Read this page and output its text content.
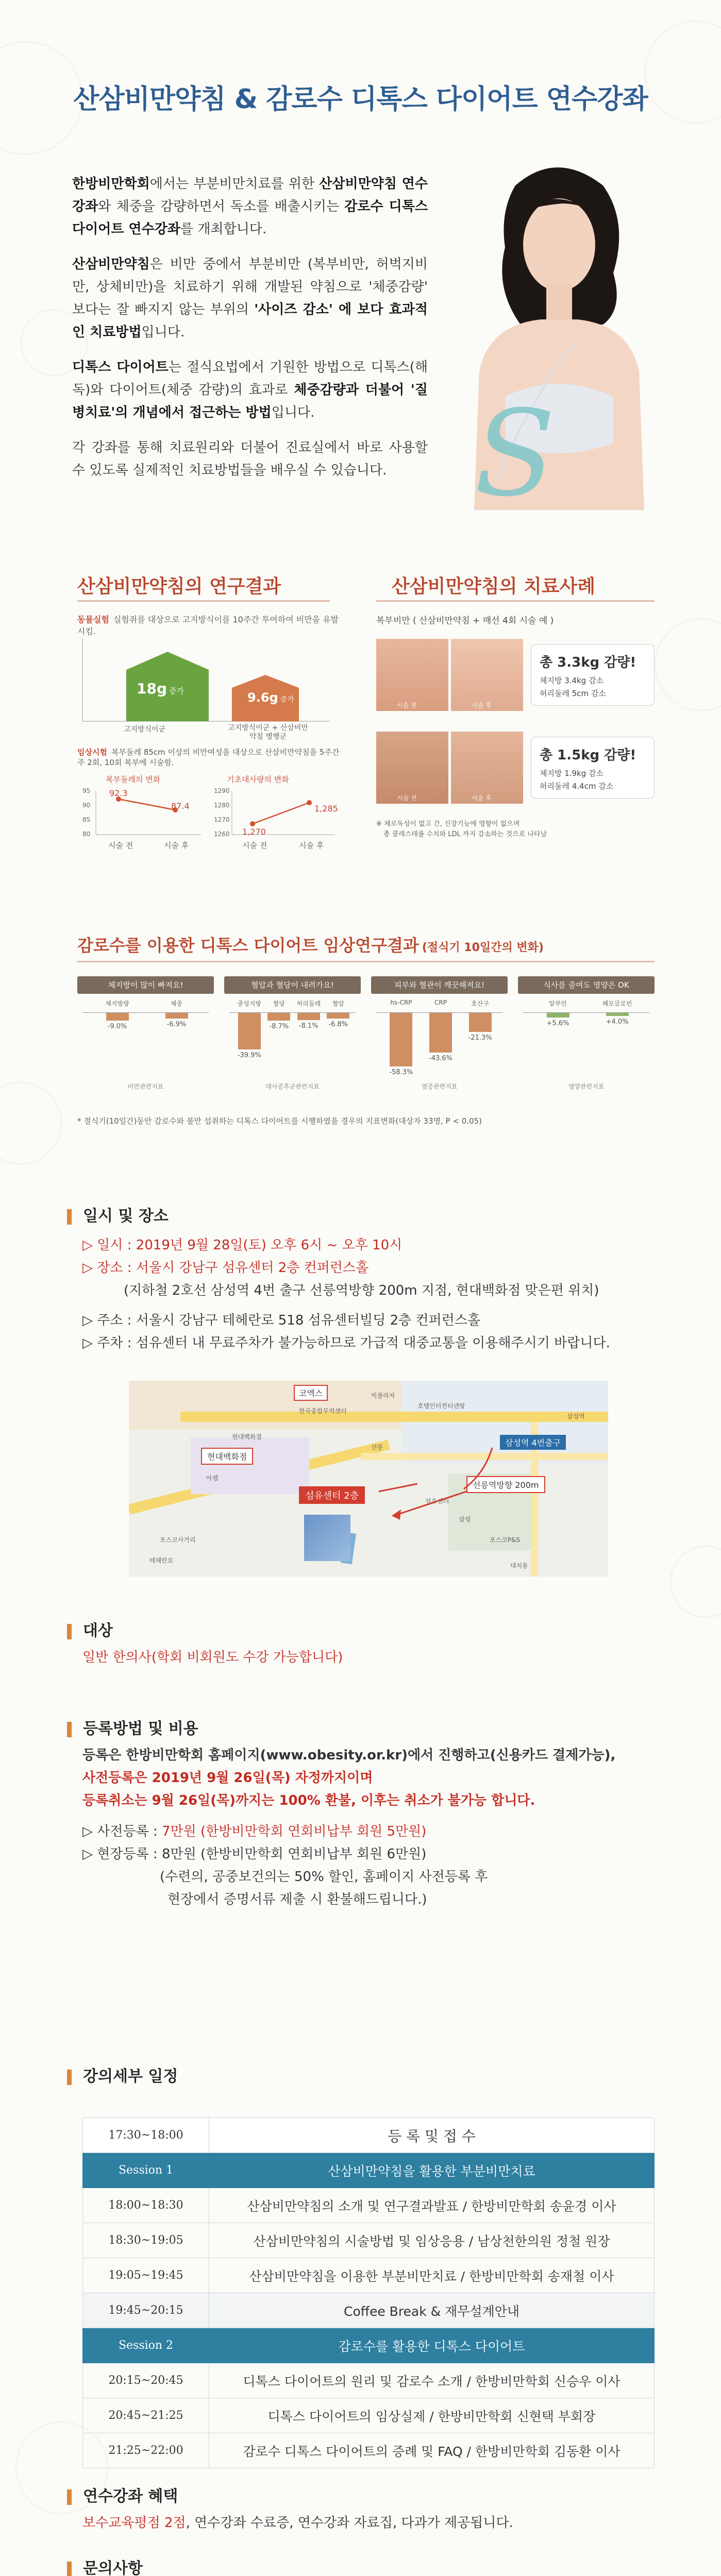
산삼비만약침 & 감로수 디톡스 다이어트 연수강좌

한방비만학회에서는 부분비만치료를 위한 산삼비만약침 연수강좌와 체중을 감량하면서 독소를 배출시키는 감로수 디톡스 다이어트 연수강좌를 개최합니다.

산삼비만약침은 비만 중에서 부분비만 (복부비만, 허벅지비만, 상체비만)을 치료하기 위해 개발된 약침으로 '체중감량' 보다는 잘 빠지지 않는 부위의 '사이즈 감소' 에 보다 효과적인 치료방법입니다.

디톡스 다이어트는 절식요법에서 기원한 방법으로 디톡스(해독)와 다이어트(체중 감량)의 효과로 체중감량과 더불어 '질병치료'의 개념에서 접근하는 방법입니다.

각 강좌를 통해 치료원리와 더불어 진료실에서 바로 사용할 수 있도록 실제적인 치료방법들을 배우실 수 있습니다. S
산삼비만약침의 연구결과
동물실험 실험쥐를 대상으로 고지방식이를 10주간 투여하여 비만을 유발시킴.
18g 증가	9.6g 증가
고지방식이군	고지방식이군 + 산삼비만약침 병행군
임상시험 복부둘레 85cm 이상의 비만여성을 대상으로 산삼비만약침을 5주간 주 2회, 10회 복부에 시술함.
복부둘레의 변화	기초대사량의 변화
95
90
85
80
1290
1280
1270
1260
92.3
87.4
1,270
1,285
시술 전	시술 후	시술 전	시술 후
산삼비만약침의 치료사례
복부비만 ( 산삼비만약침 + 매선 4회 시술 예 )
시술 전	시술 후
총 3.3kg 감량!
체지방 3.4kg 감소
허리둘레 5cm 감소
시술 전	시술 후
총 1.5kg 감량!
체지방 1.9kg 감소
허리둘레 4.4cm 감소
※ 체모독성이 없고 간, 신장기능에 영향이 없으며
총 콜레스테롤 수치와 LDL 까지 감소하는 것으로 나타남
감로수를 이용한 디톡스 다이어트 임상연구결과 (절식기 10일간의 변화)
체지방이 많이 빠져요!
체지방량
-9.0%
체중
-6.9%
비만관련지표
혈압과 혈당이 내려가요!
중성지방
-39.9%
혈당
-8.7%
허리둘레
-8.1%
혈압
-6.8%
대사증후군관련지표
피부와 혈관이 깨끗해져요!
hs-CRP
-58.3%
CRP
-43.6%
호산구
-21.3%
염증관련지표
식사를 줄여도 영양은 OK
알부민
+5.6%
혜모글로빈
+4.0%
영양관련지표
* 절식기(10일간)동안 감로수와 불만 섭취하는 디톡스 다이어트를 시행하였을 경우의 지표변화(대상자 33명, P < 0.05)
일시 및 장소
▷ 일시 : 2019년 9월 28일(토) 오후 6시 ~ 오후 10시
▷ 장소 : 서울시 강남구 섬유센터 2층 컨퍼런스홀
(지하철 2호선 삼성역 4번 출구 선릉역방향 200m 지점, 현대백화점 맞은편 위치)
▷ 주소 : 서울시 강남구 테헤란로 518 섬유센터빌딩 2층 컨퍼런스홀
▷ 주차 : 섬유센터 내 무료주차가 불가능하므로 가급적 대중교통을 이용해주시기 바랍니다.
빅플라자
한국종합무역센터
호텔인터컨티넨탈
현대백화점
아셈
섬유센터
선릉
삼성역
삼성
포스코사거리	포스코P&S
대치동
테헤란로
코엑스
현대백화점
삼성역 4번출구
선릉역방향 200m
섬유센터 2층
대상
일반 한의사(학회 비회원도 수강 가능합니다)
등록방법 및 비용
등록은 한방비만학회 홈페이지(www.obesity.or.kr)에서 진행하고(신용카드 결제가능),
사전등록은 2019년 9월 26일(목) 자정까지이며
등록취소는 9월 26일(목)까지는 100% 환불, 이후는 취소가 불가능 합니다.
▷ 사전등록 : 7만원 (한방비만학회 연회비납부 회원 5만원)
▷ 현장등록 : 8만원 (한방비만학회 연회비납부 회원 6만원)
(수련의, 공중보건의는 50% 할인, 홈페이지 사전등록 후
현장에서 증명서류 제출 시 환불해드립니다.)
강의세부 일정
17:30~18:00	등 록 및 접 수
Session 1	산삼비만약침을 활용한 부분비만치료
18:00~18:30	산삼비만약침의 소개 및 연구결과발표 / 한방비만학회 송윤경 이사
18:30~19:05	산삼비만약침의 시술방법 및 임상응용 / 남상천한의원 정철 원장
19:05~19:45	산삼비만약침을 이용한 부분비만치료 / 한방비만학회 송재철 이사
19:45~20:15	Coffee Break & 재무설계안내
Session 2	감로수를 활용한 디톡스 다이어트
20:15~20:45	디톡스 다이어트의 원리 및 감로수 소개 / 한방비만학회 신승우 이사
20:45~21:25	디톡스 다이어트의 임상실제 / 한방비만학회 신현택 부회장
21:25~22:00	감로수 디톡스 다이어트의 증례 및 FAQ / 한방비만학회 김동환 이사
연수강좌 혜택
보수교육평점 2점, 연수강좌 수료증, 연수강좌 자료집, 다과가 제공됩니다.
문의사항
